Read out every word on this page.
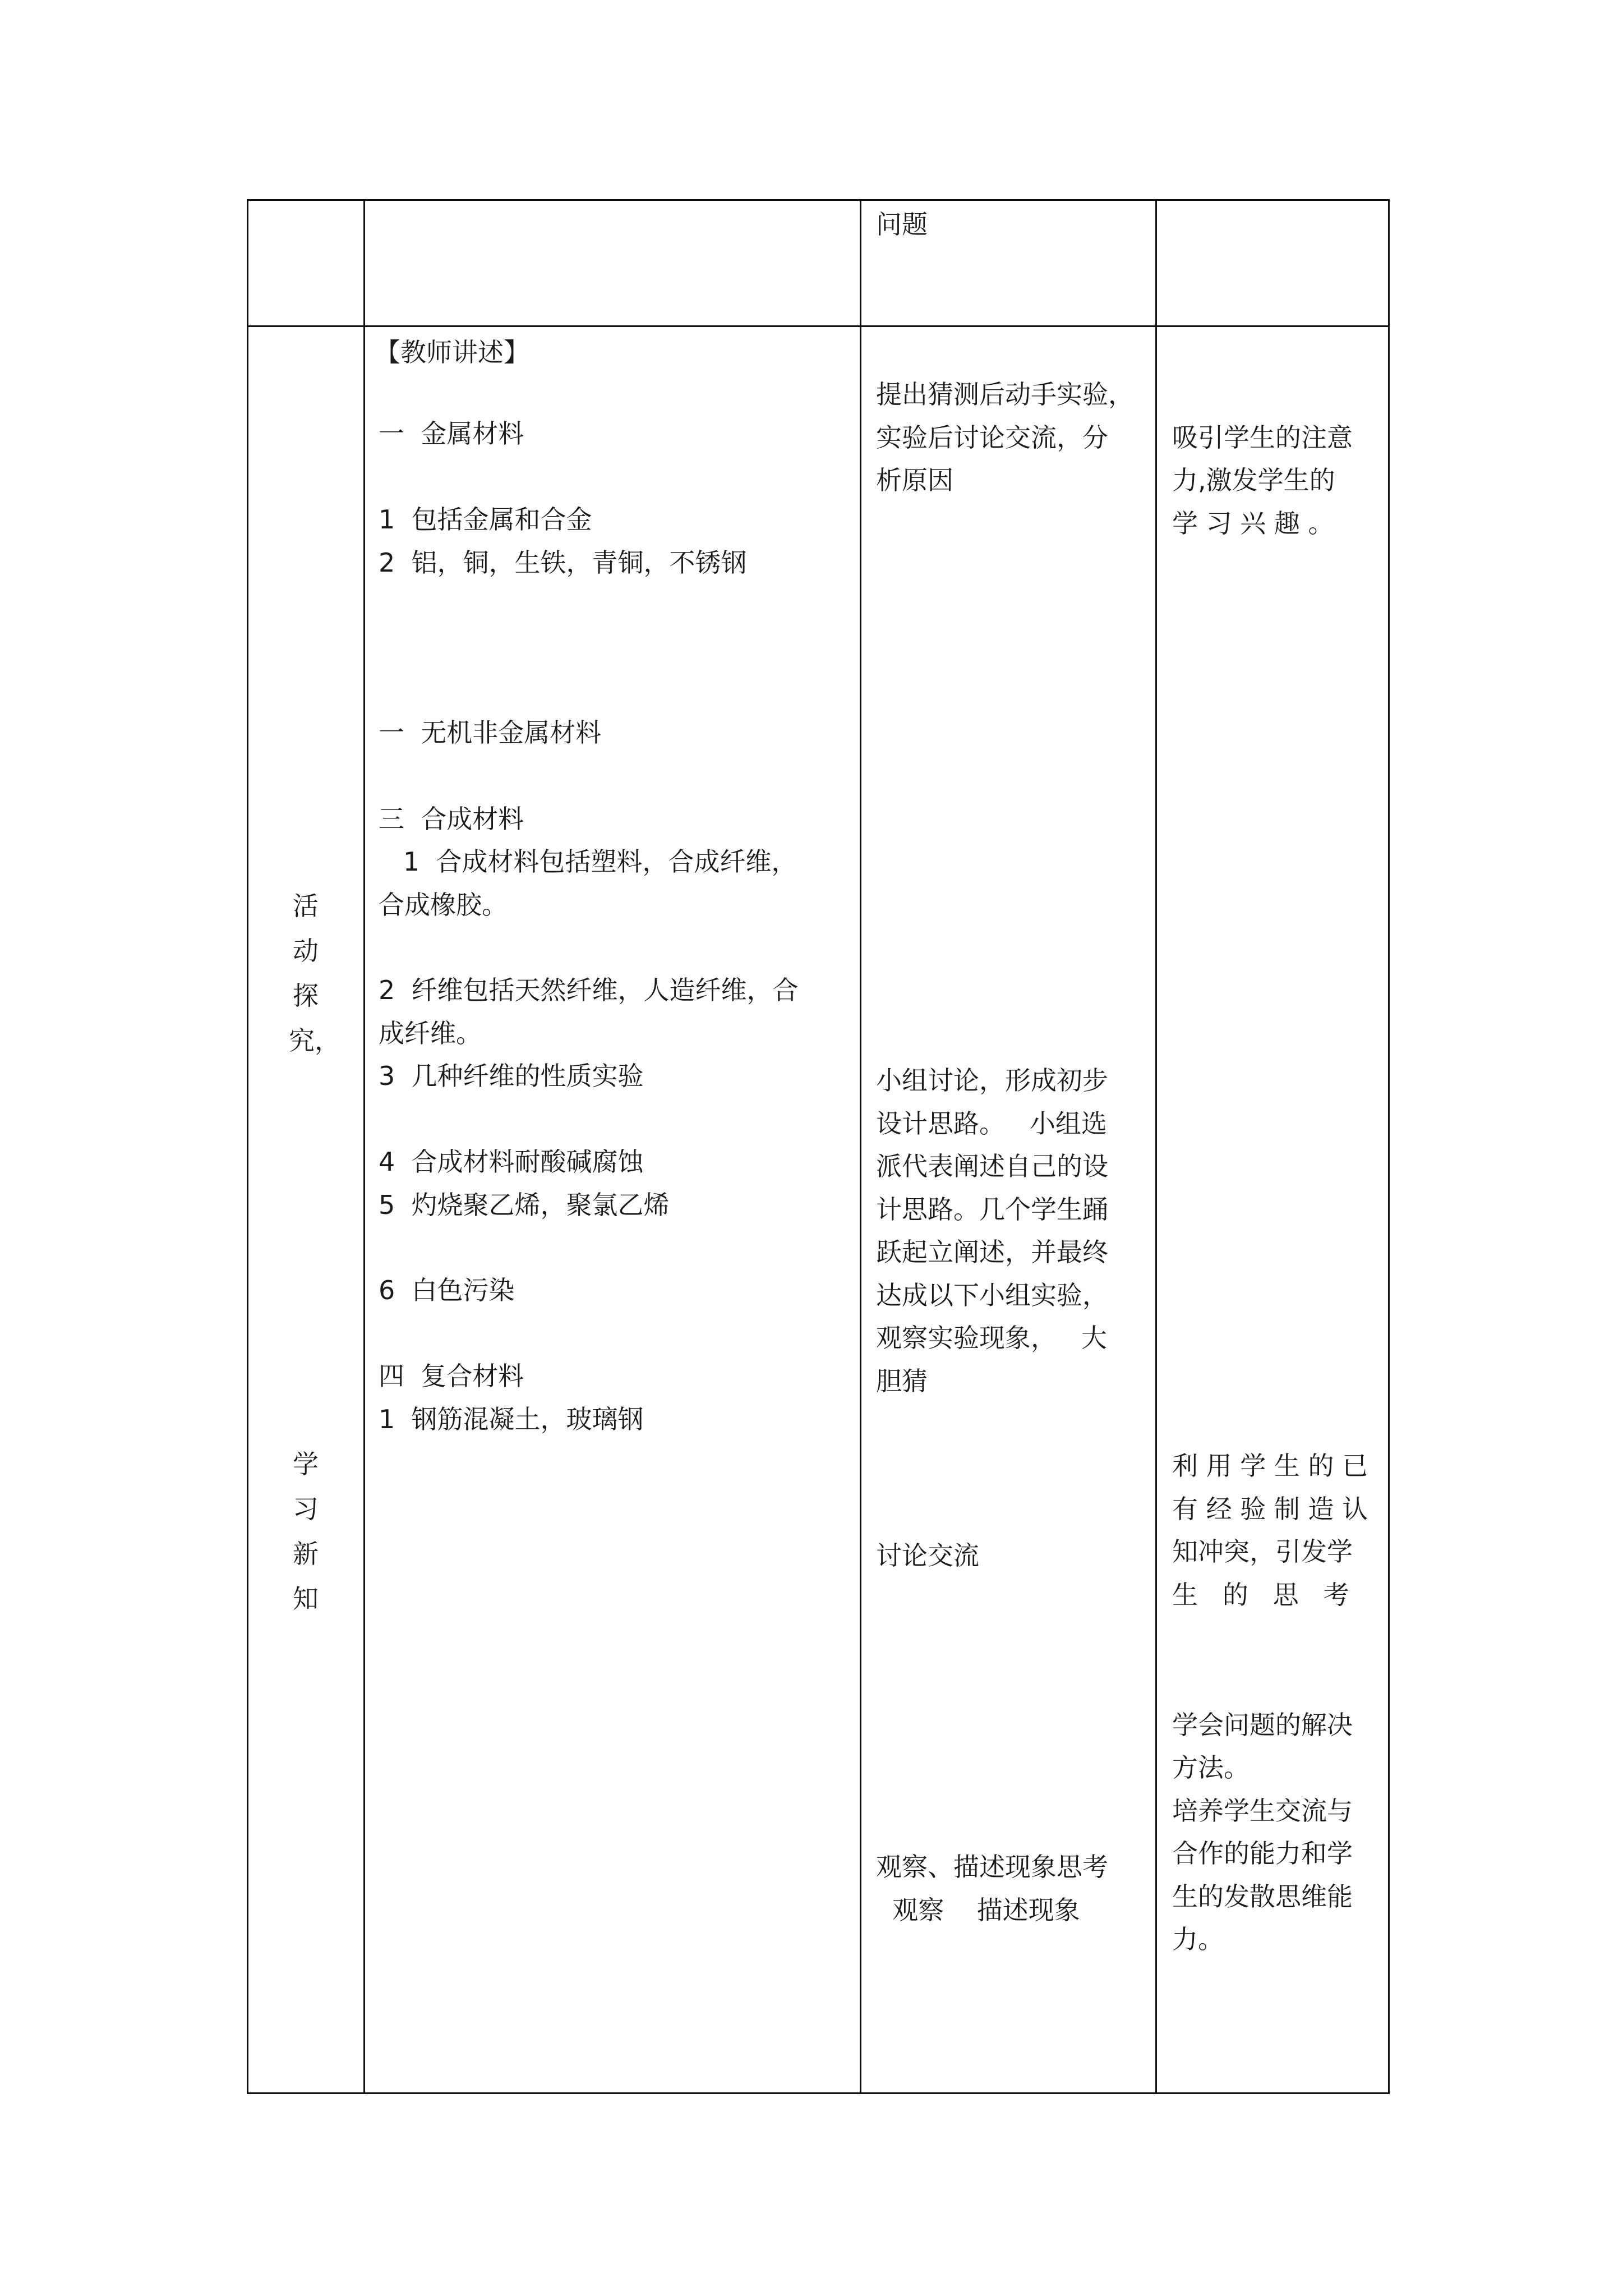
问题
活
动
探
究，
学
习
新
知
【教师讲述】
一  金属材料
1  包括金属和合金
2  铝，铜，生铁，青铜，不锈钢
一  无机非金属材料
三  合成材料
1  合成材料包括塑料，合成纤维，
合成橡胶。
2  纤维包括天然纤维，人造纤维，合
成纤维。
3  几种纤维的性质实验
4  合成材料耐酸碱腐蚀
5  灼烧聚乙烯，聚氯乙烯
6  白色污染
四  复合材料
1  钢筋混凝土，玻璃钢
提出猜测后动手实验，
实验后讨论交流，分
析原因
小组讨论，形成初步
设计思路。   小组选
派代表阐述自己的设
计思路。几个学生踊
跃起立阐述，并最终
达成以下小组实验，
观察实验现象，   大
胆猜
讨论交流
观察、描述现象思考
观察    描述现象
吸引学生的注意
力,激发学生的
学 习 兴 趣 。
利 用 学 生 的 已
有 经 验 制 造 认
知冲突，引发学
生   的   思   考
学会问题的解决
方法。
培养学生交流与
合作的能力和学
生的发散思维能
力。
